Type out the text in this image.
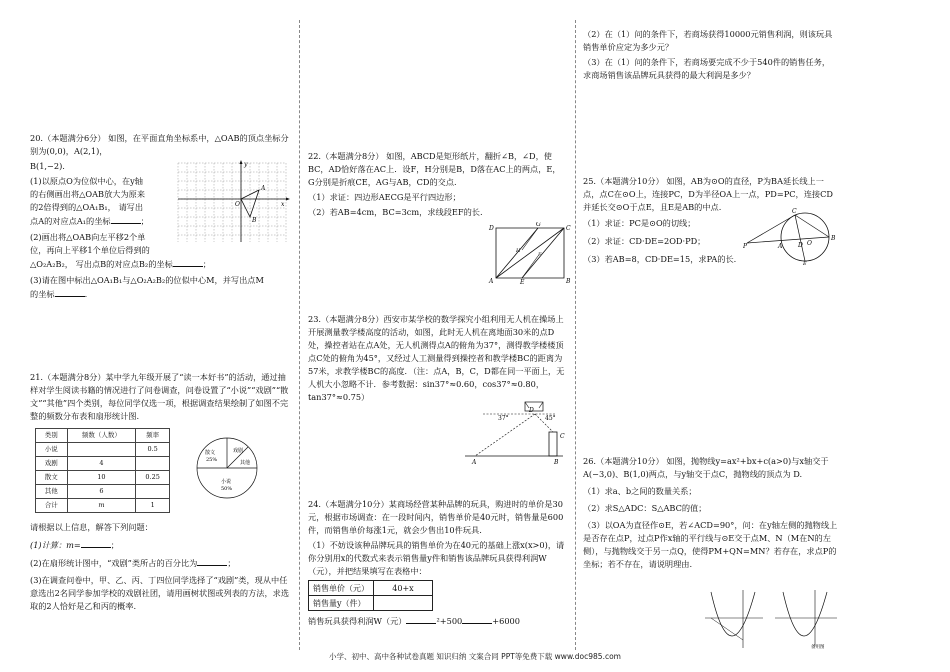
20.（本题满分6分） 如图，在平面直角坐标系中，△OAB的顶点坐标分别为(0,0)，A(2,1)，

B(1,−2).

(1)以原点O为位似中心，在y轴

的右侧画出将△OAB放大为原来

的2倍得到的△OA₁B₁， 请写出

点A的对应点A₁的坐标	；

(2)画出将△OAB向左平移2个单

位，再向上平移1个单位后得到的

△O₂A₂B₂， 写出点B的对应点B₂的坐标	；

(3)请在图中标出△OA₁B₁与△O₂A₂B₂的位似中心M，并写出点M

的坐标	.

y
x
O
A
B

21.（本题满分8分）某中学九年级开展了“读一本好书”的活动，通过抽样对学生阅读书籍的情况进行了问卷调查，问卷设置了“小说”“戏剧”“散文”“其他”四个类别，每位同学仅选一项，根据调查结果绘制了如图不完整的频数分布表和扇形统计图.

类别	频数（人数）	频率
小说		0.5
戏剧	4	
散文	10	0.25
其他	6	
合计	m	1
戏剧
散文
25%	其他
小说
50%

请根据以上信息，解答下列问题：

(1)计算：m=	；

(2)在扇形统计图中，“戏剧”类所占的百分比为	；

(3)在调查问卷中，甲、乙、丙、丁四位同学选择了“戏剧”类，现从中任意选出2名同学参加学校的戏剧社团，请用画树状图或列表的方法，求选取的2人恰好是乙和丙的概率.

22.（本题满分8分） 如图，ABCD是矩形纸片，翻折∠B，∠D，使BC，AD恰好落在AC上．设F，H分别是B，D落在AC上的两点，E，G分别是折痕CE，AG与AB，CD的交点.

（1）求证：四边形AECG是平行四边形；

（2）若AB=4cm，BC=3cm，求线段EF的长.

D
G
C
H
F
A	E	B

23.（本题满分8分）西安市某学校的数学探究小组利用无人机在操场上开展测量教学楼高度的活动，如图，此时无人机在离地面30米的点D处，操控者站在点A处，无人机测得点A的俯角为37°，测得教学楼楼顶点C处的俯角为45°，又经过人工测量得到操控者和教学楼BC的距离为57米，求教学楼BC的高度．（注：点A，B，C，D都在同一平面上，无人机大小忽略不计．参考数据：sin37°≈0.60，cos37°≈0.80，tan37°≈0.75）

37°	45°
D
C
A	B

24.（本题满分10分）某商场经营某种品牌的玩具，购进时的单价是30元，根据市场调查：在一段时间内，销售单价是40元时，销售量是600件，而销售单价每涨1元，就会少售出10件玩具.

（1）不妨设该种品牌玩具的销售单价为在40元的基础上涨x(x>0)，请你分别用x的代数式来表示销售量y件和销售该品牌玩具获得利润W（元），并把结果填写在表格中：

销售单价（元）	40+x
销售量y（件）	

销售玩具获得利润W（元）	²+500	+6000

（2）在（1）问的条件下，若商场获得10000元销售利润，则该玩具销售单价应定为多少元？

（3）在（1）问的条件下，若商场要完成不少于540件的销售任务，求商场销售该品牌玩具获得的最大利润是多少？

25.（本题满分10分） 如图，AB为⊙O的直径，P为BA延长线上一点，点C在⊙O上，连接PC，D为半径OA上一点，PD=PC，连接CD并延长交⊙O于点E，且E是AB的中点.

（1）求证：PC是⊙O的切线；

（2）求证：CD·DE=2OD·PD；

（3）若AB=8，CD·DE=15，求PA的长.

C
P	A	D O
B
E

26.（本题满分10分） 如图，抛物线y=ax²+bx+c(a>0)与x轴交于A(−3,0)、B(1,0)两点，与y轴交于点C，抛物线的顶点为 D.

（1）求a、b之间的数量关系；

（2）求S△ADC：S△ABC的值；

（3）以OA为直径作⊙E，若∠ACD=90°，问：在y轴左侧的抛物线上是否存在点P，过点P作x轴的平行线与⊙E交于点M、N（M在N的左侧），与抛物线交于另一点Q，使得PM+QN=MN？若存在，求点P的坐标；若不存在，请说明理由.

备用图
小学、初中、高中各种试卷真题 知识归纳 文案合同 PPT等免费下载 www.doc985.com
